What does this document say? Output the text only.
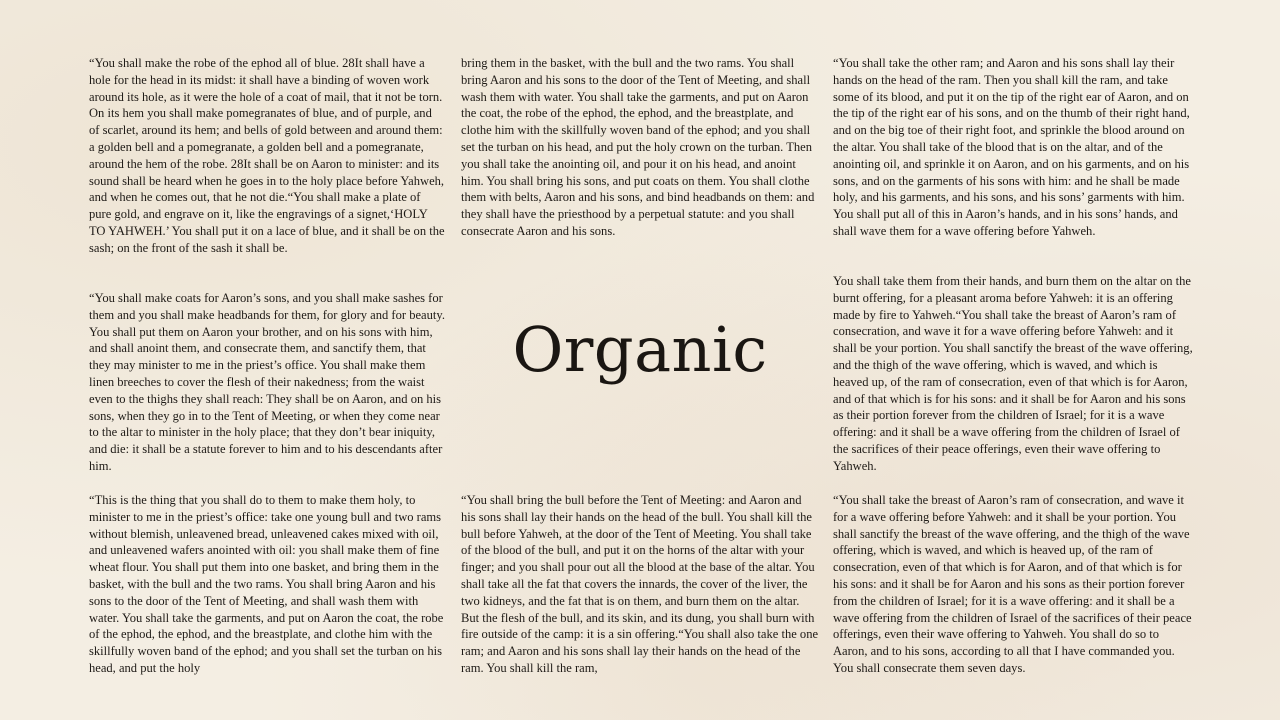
“You shall make the robe of the ephod all of blue. 28It shall have a hole for the head in its midst: it shall have a binding of woven work around its hole, as it were the hole of a coat of mail, that it not be torn. On its hem you shall make pomegranates of blue, and of purple, and of scarlet, around its hem; and bells of gold between and around them: a golden bell and a pomegranate, a golden bell and a pomegranate, around the hem of the robe. 28It shall be on Aaron to minister: and its sound shall be heard when he goes in to the holy place before Yahweh, and when he comes out, that he not die.“You shall make a plate of pure gold, and engrave on it, like the engravings of a signet,‘HOLY TO YAHWEH.’ You shall put it on a lace of blue, and it shall be on the sash; on the front of the sash it shall be.

“You shall make coats for Aaron’s sons, and you shall make sashes for them and you shall make headbands for them, for glory and for beauty. You shall put them on Aaron your brother, and on his sons with him, and shall anoint them, and consecrate them, and sanctify them, that they may minister to me in the priest’s office. You shall make them linen breeches to cover the flesh of their nakedness; from the waist even to the thighs they shall reach: They shall be on Aaron, and on his sons, when they go in to the Tent of Meeting, or when they come near to the altar to minister in the holy place; that they don’t bear iniquity, and die: it shall be a statute forever to him and to his descendants after him.

“This is the thing that you shall do to them to make them holy, to minister to me in the priest’s office: take one young bull and two rams without blemish, unleavened bread, unleavened cakes mixed with oil, and unleavened wafers anointed with oil: you shall make them of fine wheat flour. You shall put them into one basket, and bring them in the basket, with the bull and the two rams. You shall bring Aaron and his sons to the door of the Tent of Meeting, and shall wash them with water. You shall take the garments, and put on Aaron the coat, the robe of the ephod, the ephod, and the breastplate, and clothe him with the skillfully woven band of the ephod; and you shall set the turban on his head, and put the holy

bring them in the basket, with the bull and the two rams. You shall bring Aaron and his sons to the door of the Tent of Meeting, and shall wash them with water. You shall take the garments, and put on Aaron the coat, the robe of the ephod, the ephod, and the breastplate, and clothe him with the skillfully woven band of the ephod; and you shall set the turban on his head, and put the holy crown on the turban. Then you shall take the anointing oil, and pour it on his head, and anoint him. You shall bring his sons, and put coats on them. You shall clothe them with belts, Aaron and his sons, and bind headbands on them: and they shall have the priesthood by a perpetual statute: and you shall consecrate Aaron and his sons.

Organic

“You shall bring the bull before the Tent of Meeting: and Aaron and his sons shall lay their hands on the head of the bull. You shall kill the bull before Yahweh, at the door of the Tent of Meeting. You shall take of the blood of the bull, and put it on the horns of the altar with your finger; and you shall pour out all the blood at the base of the altar. You shall take all the fat that covers the innards, the cover of the liver, the two kidneys, and the fat that is on them, and burn them on the altar. But the flesh of the bull, and its skin, and its dung, you shall burn with fire outside of the camp: it is a sin offering.“You shall also take the one ram; and Aaron and his sons shall lay their hands on the head of the ram. You shall kill the ram,

“You shall take the other ram; and Aaron and his sons shall lay their hands on the head of the ram. Then you shall kill the ram, and take some of its blood, and put it on the tip of the right ear of Aaron, and on the tip of the right ear of his sons, and on the thumb of their right hand, and on the big toe of their right foot, and sprinkle the blood around on the altar. You shall take of the blood that is on the altar, and of the anointing oil, and sprinkle it on Aaron, and on his garments, and on his sons, and on the garments of his sons with him: and he shall be made holy, and his garments, and his sons, and his sons’ garments with him. You shall put all of this in Aaron’s hands, and in his sons’ hands, and shall wave them for a wave offering before Yahweh.

You shall take them from their hands, and burn them on the altar on the burnt offering, for a pleasant aroma before Yahweh: it is an offering made by fire to Yahweh.“You shall take the breast of Aaron’s ram of consecration, and wave it for a wave offering before Yahweh: and it shall be your portion. You shall sanctify the breast of the wave offering, and the thigh of the wave offering, which is waved, and which is heaved up, of the ram of consecration, even of that which is for Aaron, and of that which is for his sons: and it shall be for Aaron and his sons as their portion forever from the children of Israel; for it is a wave offering: and it shall be a wave offering from the children of Israel of the sacrifices of their peace offerings, even their wave offering to Yahweh.

“You shall take the breast of Aaron’s ram of consecration, and wave it for a wave offering before Yahweh: and it shall be your portion. You shall sanctify the breast of the wave offering, and the thigh of the wave offering, which is waved, and which is heaved up, of the ram of consecration, even of that which is for Aaron, and of that which is for his sons: and it shall be for Aaron and his sons as their portion forever from the children of Israel; for it is a wave offering: and it shall be a wave offering from the children of Israel of the sacrifices of their peace offerings, even their wave offering to Yahweh. You shall do so to Aaron, and to his sons, according to all that I have commanded you. You shall consecrate them seven days.
